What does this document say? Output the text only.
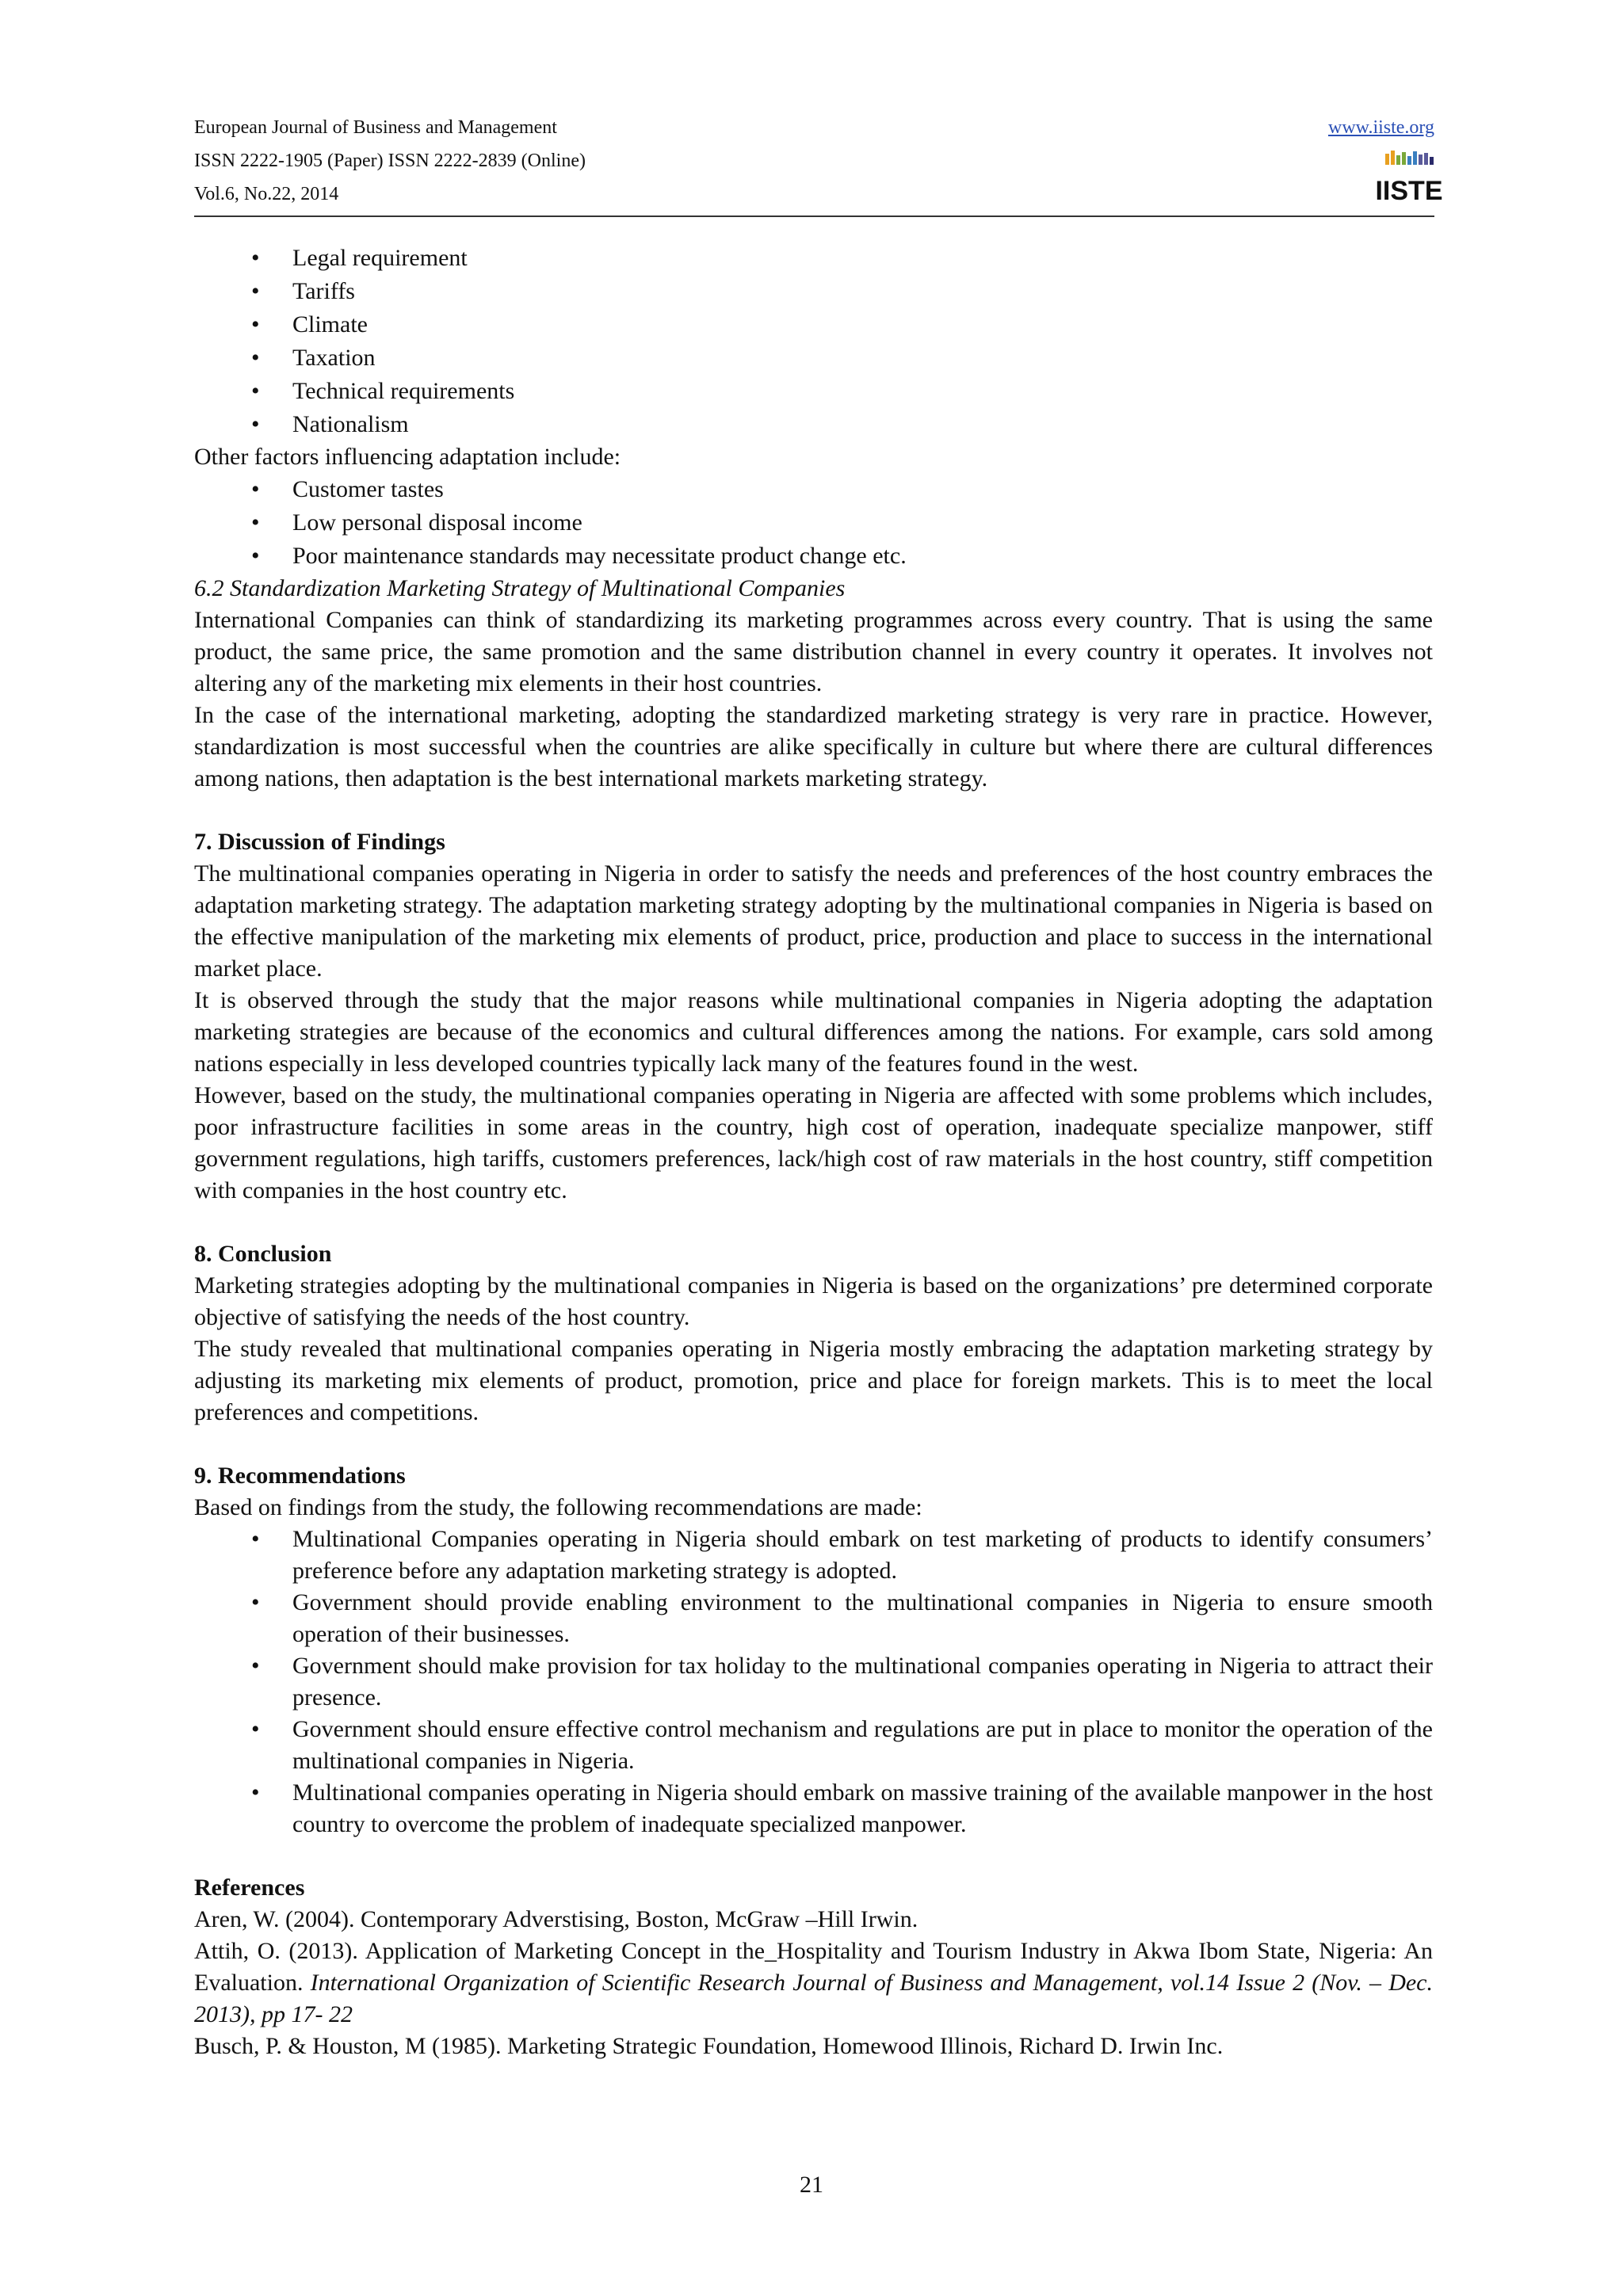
European Journal of Business and Management
ISSN 2222-1905 (Paper) ISSN 2222-2839 (Online)
Vol.6, No.22, 2014
www.iiste.org
IISTE
• Legal requirement
• Tariffs
• Climate
• Taxation
• Technical requirements
• Nationalism

Other factors influencing adaptation include:

• Customer tastes
• Low personal disposal income
• Poor maintenance standards may necessitate product change etc.
6.2 Standardization Marketing Strategy of Multinational Companies

International Companies can think of standardizing its marketing programmes across every country. That is using the same product, the same price, the same promotion and the same distribution channel in every country it operates. It involves not altering any of the marketing mix elements in their host countries.

In the case of the international marketing, adopting the standardized marketing strategy is very rare in practice. However, standardization is most successful when the countries are alike specifically in culture but where there are cultural differences among nations, then adaptation is the best international markets marketing strategy.

7. Discussion of Findings

The multinational companies operating in Nigeria in order to satisfy the needs and preferences of the host country embraces the adaptation marketing strategy. The adaptation marketing strategy adopting by the multinational companies in Nigeria is based on the effective manipulation of the marketing mix elements of product, price, production and place to success in the international market place.

It is observed through the study that the major reasons while multinational companies in Nigeria adopting the adaptation marketing strategies are because of the economics and cultural differences among the nations. For example, cars sold among nations especially in less developed countries typically lack many of the features found in the west.

However, based on the study, the multinational companies operating in Nigeria are affected with some problems which includes, poor infrastructure facilities in some areas in the country, high cost of operation, inadequate specialize manpower, stiff government regulations, high tariffs, customers preferences, lack/high cost of raw materials in the host country, stiff competition with companies in the host country etc.

8. Conclusion

Marketing strategies adopting by the multinational companies in Nigeria is based on the organizations’ pre determined corporate objective of satisfying the needs of the host country.

The study revealed that multinational companies operating in Nigeria mostly embracing the adaptation marketing strategy by adjusting its marketing mix elements of product, promotion, price and place for foreign markets. This is to meet the local preferences and competitions.

9. Recommendations

Based on findings from the study, the following recommendations are made:

• Multinational Companies operating in Nigeria should embark on test marketing of products to identify consumers’ preference before any adaptation marketing strategy is adopted.
• Government should provide enabling environment to the multinational companies in Nigeria to ensure smooth operation of their businesses.
• Government should make provision for tax holiday to the multinational companies operating in Nigeria to attract their presence.
• Government should ensure effective control mechanism and regulations are put in place to monitor the operation of the multinational companies in Nigeria.
• Multinational companies operating in Nigeria should embark on massive training of the available manpower in the host country to overcome the problem of inadequate specialized manpower.
References

Aren, W. (2004). Contemporary Adverstising, Boston, McGraw –Hill Irwin.

Attih, O. (2013). Application of Marketing Concept in the_Hospitality and Tourism Industry in Akwa Ibom State, Nigeria: An Evaluation. International Organization of Scientific Research Journal of Business and Management, vol.14 Issue 2 (Nov. – Dec. 2013), pp 17- 22

Busch, P. & Houston, M (1985). Marketing Strategic Foundation, Homewood Illinois, Richard D. Irwin Inc.

21
